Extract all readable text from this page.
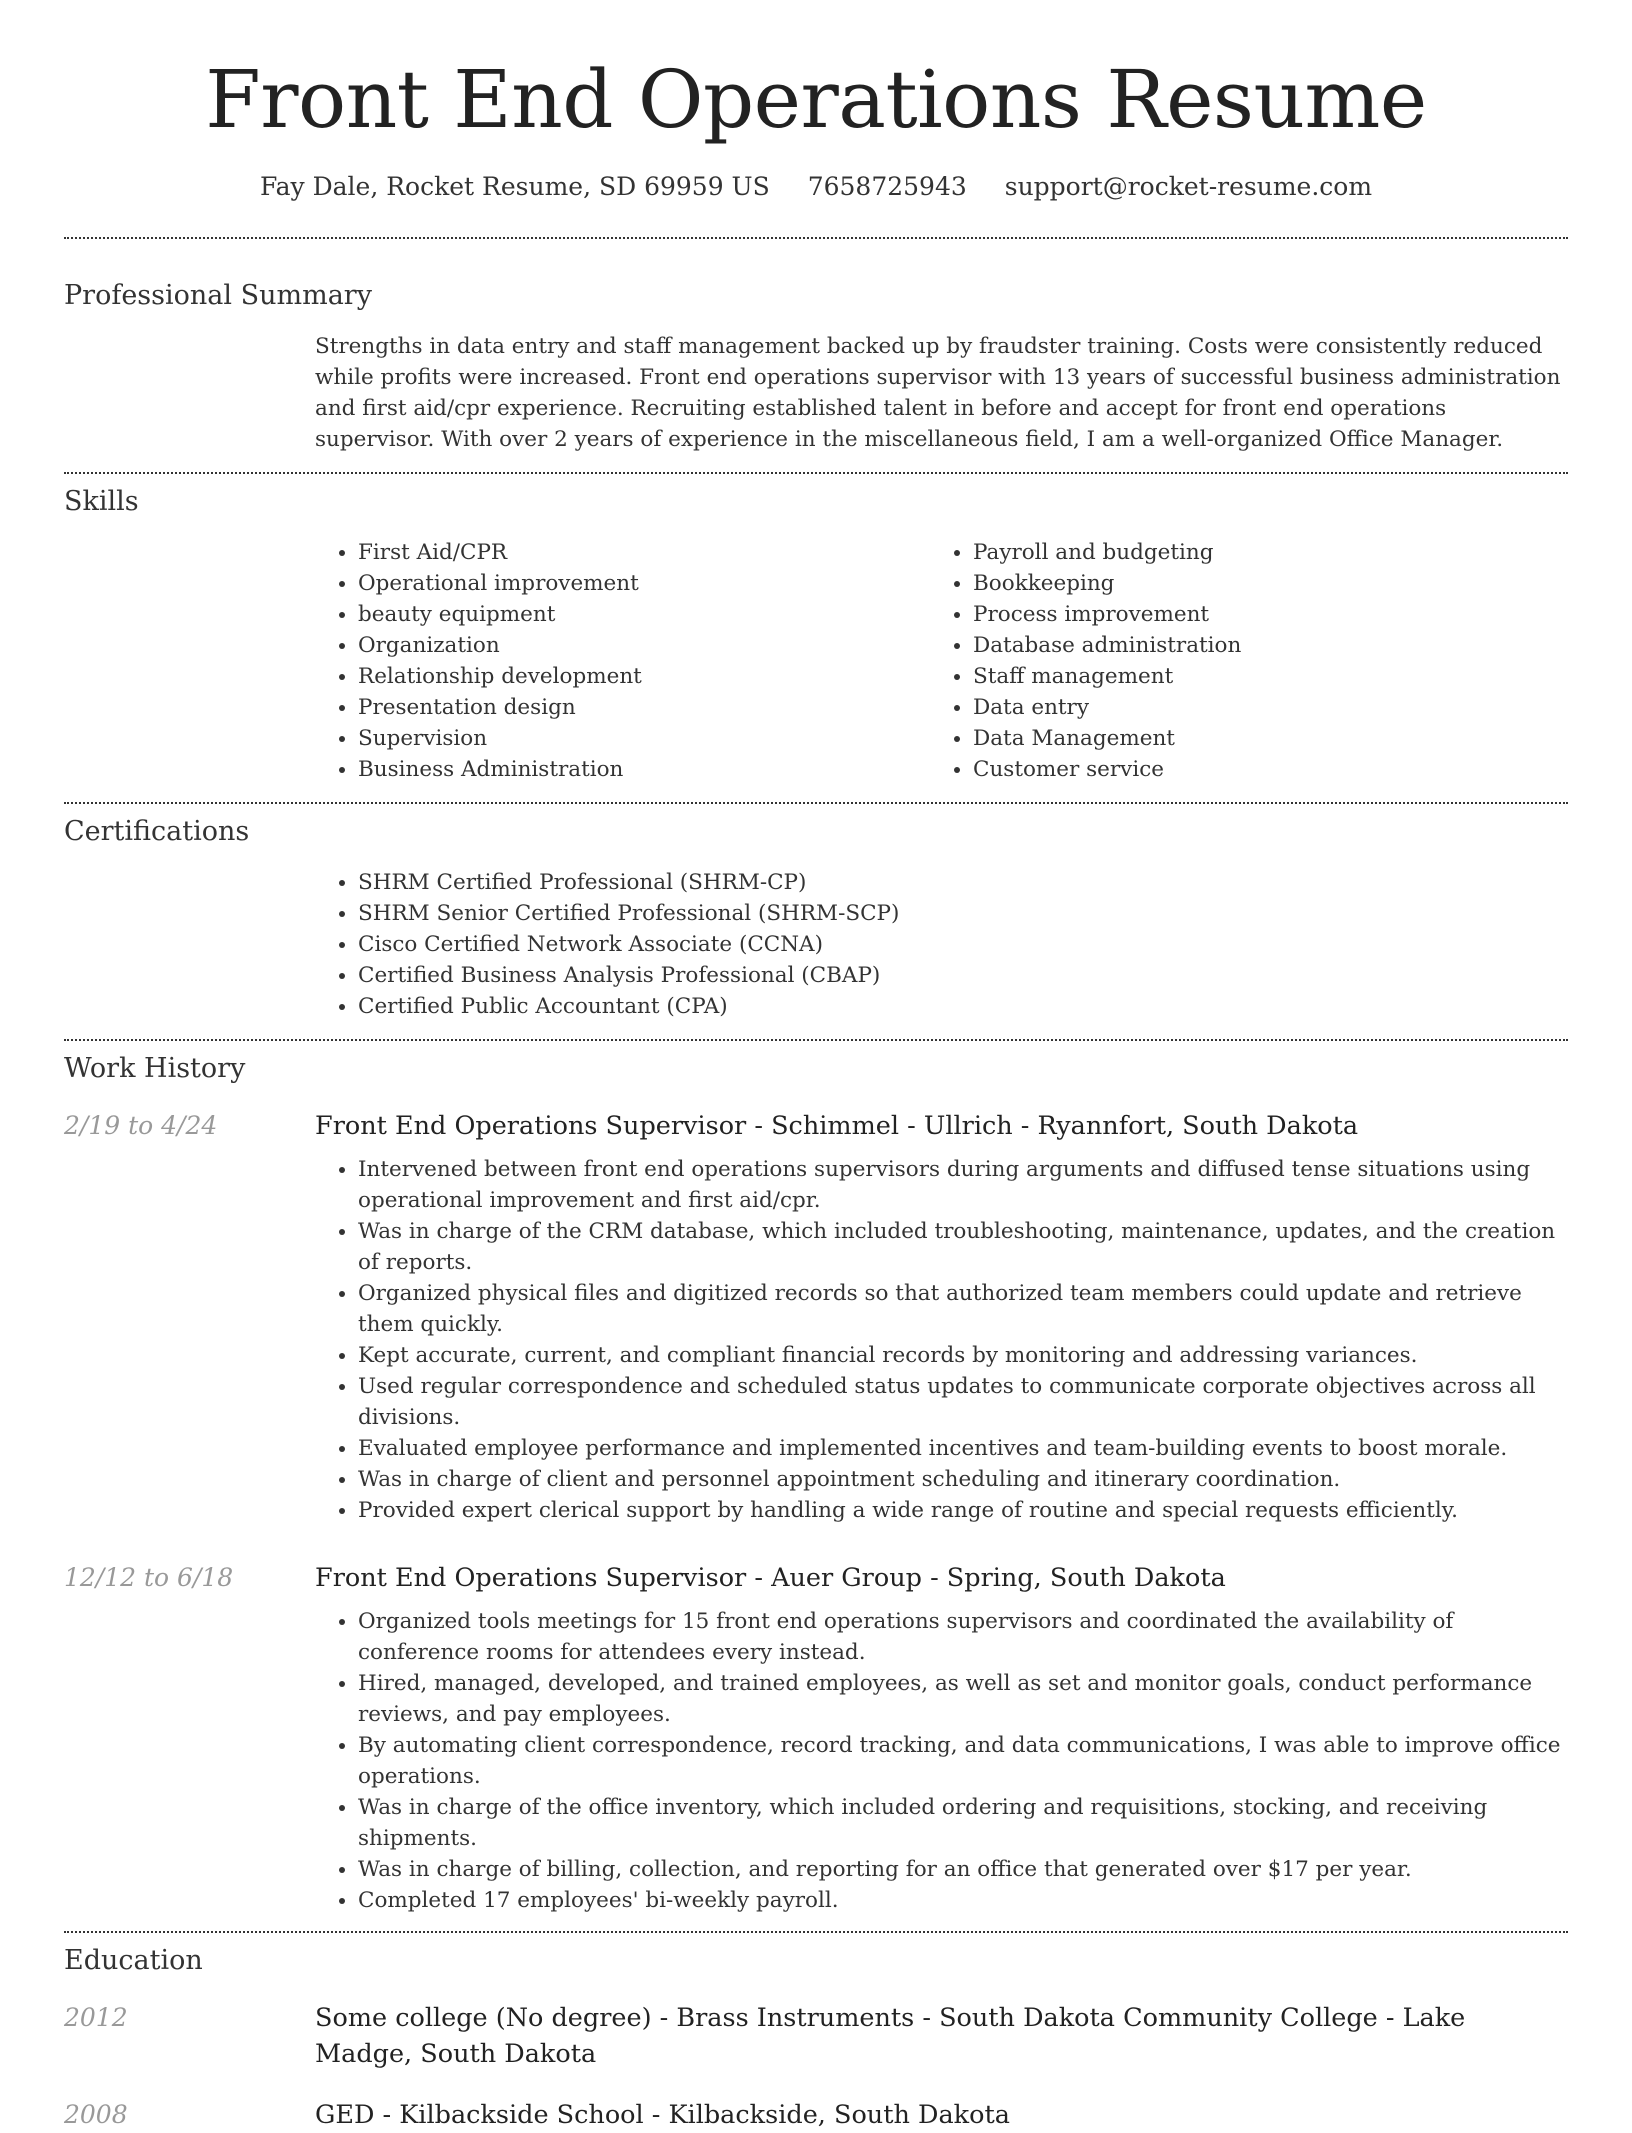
Front End Operations Resume
Fay Dale, Rocket Resume, SD 69959 US 7658725943 support@rocket-resume.com
Professional Summary
Strengths in data entry and staff management backed up by fraudster training. Costs were consistently reduced while profits were increased. Front end operations supervisor with 13 years of successful business administration and first aid/cpr experience. Recruiting established talent in before and accept for front end operations supervisor. With over 2 years of experience in the miscellaneous field, I am a well-organized Office Manager.
Skills
• First Aid/CPR
• Operational improvement
• beauty equipment
• Organization
• Relationship development
• Presentation design
• Supervision
• Business Administration
• Payroll and budgeting
• Bookkeeping
• Process improvement
• Database administration
• Staff management
• Data entry
• Data Management
• Customer service
Certifications
• SHRM Certified Professional (SHRM-CP)
• SHRM Senior Certified Professional (SHRM-SCP)
• Cisco Certified Network Associate (CCNA)
• Certified Business Analysis Professional (CBAP)
• Certified Public Accountant (CPA)
Work History
2/19 to 4/24	Front End Operations Supervisor - Schimmel - Ullrich - Ryannfort, South Dakota
• Intervened between front end operations supervisors during arguments and diffused tense situations using operational improvement and first aid/cpr.
• Was in charge of the CRM database, which included troubleshooting, maintenance, updates, and the creation of reports.
• Organized physical files and digitized records so that authorized team members could update and retrieve them quickly.
• Kept accurate, current, and compliant financial records by monitoring and addressing variances.
• Used regular correspondence and scheduled status updates to communicate corporate objectives across all divisions.
• Evaluated employee performance and implemented incentives and team-building events to boost morale.
• Was in charge of client and personnel appointment scheduling and itinerary coordination.
• Provided expert clerical support by handling a wide range of routine and special requests efficiently.
12/12 to 6/18	Front End Operations Supervisor - Auer Group - Spring, South Dakota
• Organized tools meetings for 15 front end operations supervisors and coordinated the availability of conference rooms for attendees every instead.
• Hired, managed, developed, and trained employees, as well as set and monitor goals, conduct performance reviews, and pay employees.
• By automating client correspondence, record tracking, and data communications, I was able to improve office operations.
• Was in charge of the office inventory, which included ordering and requisitions, stocking, and receiving shipments.
• Was in charge of billing, collection, and reporting for an office that generated over $17 per year.
• Completed 17 employees' bi-weekly payroll.
Education
2012	Some college (No degree) - Brass Instruments - South Dakota Community College - Lake Madge, South Dakota
2008	GED - Kilbackside School - Kilbackside, South Dakota
